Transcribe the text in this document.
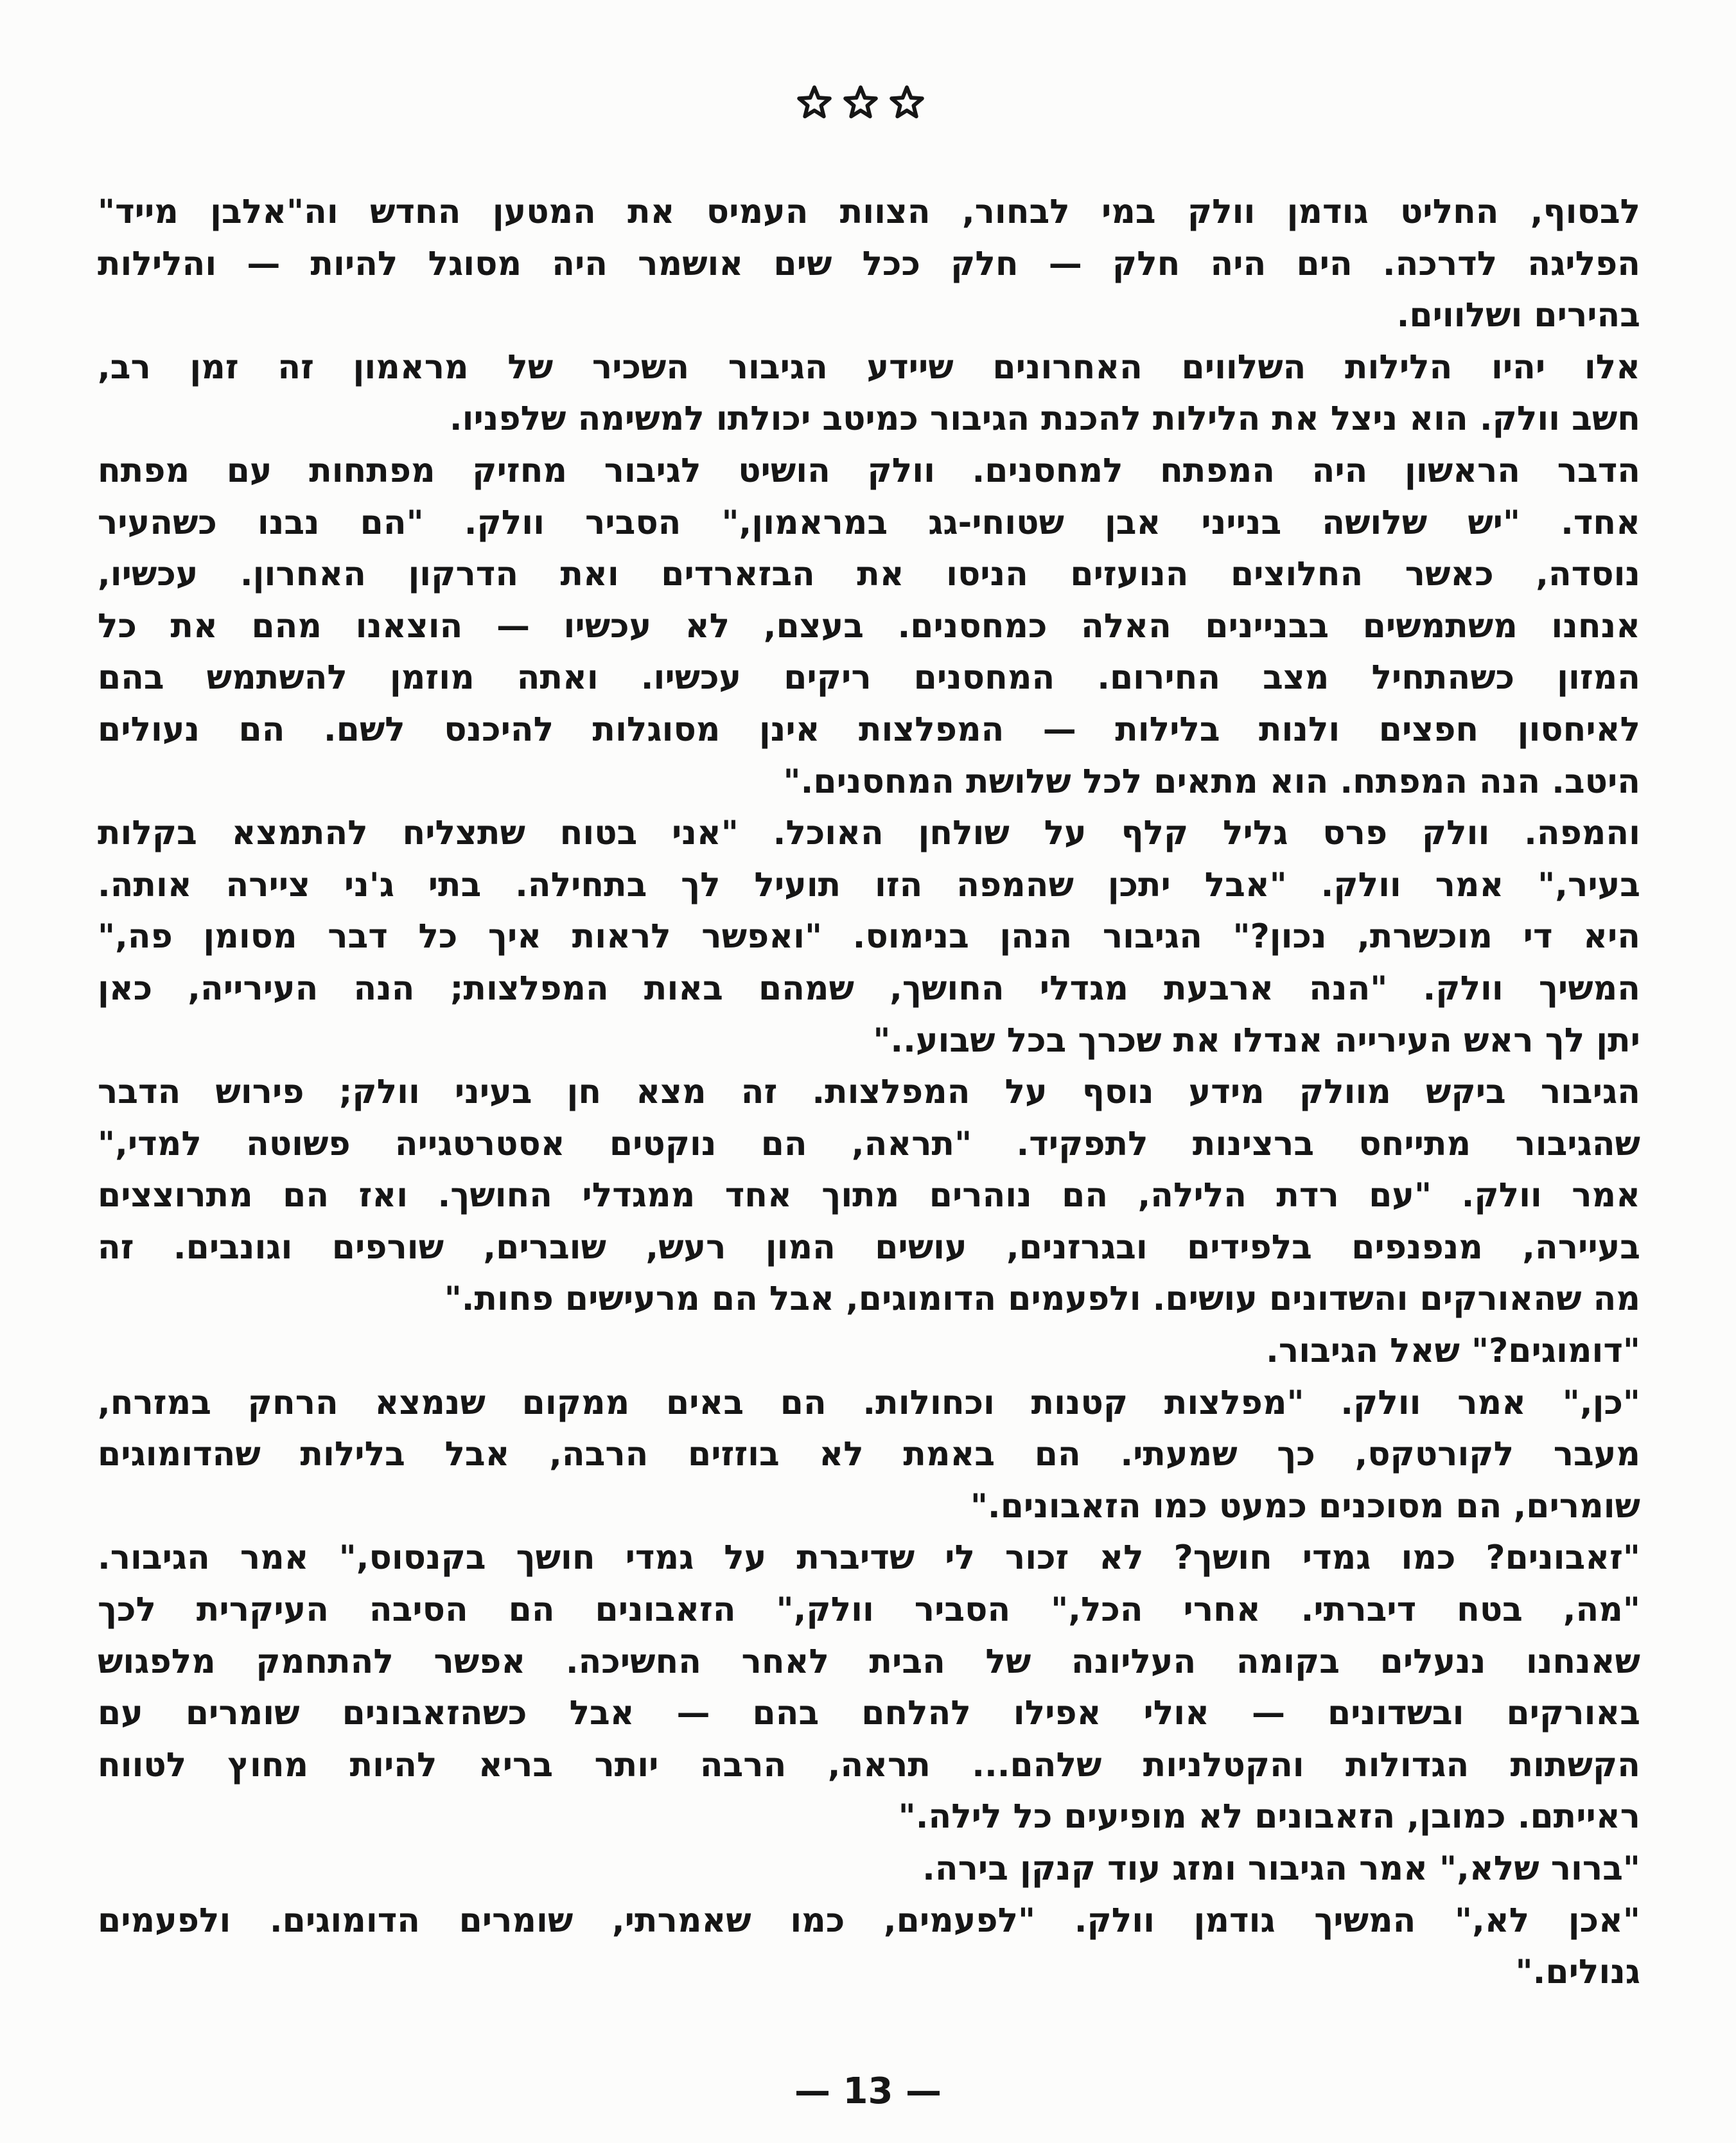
לבסוף, החליט גודמן וולק במי לבחור, הצוות העמיס את המטען החדש וה"אלבן מייד"
הפליגה לדרכה. הים היה חלק — חלק ככל שים אושמר היה מסוגל להיות — והלילות
בהירים ושלווים.
אלו יהיו הלילות השלווים האחרונים שיידע הגיבור השכיר של מראמון זה זמן רב,
חשב וולק. הוא ניצל את הלילות להכנת הגיבור כמיטב יכולתו למשימה שלפניו.
הדבר הראשון היה המפתח למחסנים. וולק הושיט לגיבור מחזיק מפתחות עם מפתח
אחד. "יש שלושה בנייני אבן שטוחי-גג במראמון," הסביר וולק. "הם נבנו כשהעיר
נוסדה, כאשר החלוצים הנועזים הניסו את הבזארדים ואת הדרקון האחרון. עכשיו,
אנחנו משתמשים בבניינים האלה כמחסנים. בעצם, לא עכשיו — הוצאנו מהם את כל
המזון כשהתחיל מצב החירום. המחסנים ריקים עכשיו. ואתה מוזמן להשתמש בהם
לאיחסון חפצים ולנות בלילות — המפלצות אינן מסוגלות להיכנס לשם. הם נעולים
היטב. הנה המפתח. הוא מתאים לכל שלושת המחסנים."
והמפה. וולק פרס גליל קלף על שולחן האוכל. "אני בטוח שתצליח להתמצא בקלות
בעיר," אמר וולק. "אבל יתכן שהמפה הזו תועיל לך בתחילה. בתי ג'ני ציירה אותה.
היא די מוכשרת, נכון?" הגיבור הנהן בנימוס. "ואפשר לראות איך כל דבר מסומן פה,"
המשיך וולק. "הנה ארבעת מגדלי החושך, שמהם באות המפלצות; הנה העירייה, כאן
יתן לך ראש העירייה אנדלו את שכרך בכל שבוע.."
הגיבור ביקש מוולק מידע נוסף על המפלצות. זה מצא חן בעיני וולק; פירוש הדבר
שהגיבור מתייחס ברצינות לתפקיד. "תראה, הם נוקטים אסטרטגייה פשוטה למדי,"
אמר וולק. "עם רדת הלילה, הם נוהרים מתוך אחד ממגדלי החושך. ואז הם מתרוצצים
בעיירה, מנפנפים בלפידים ובגרזנים, עושים המון רעש, שוברים, שורפים וגונבים. זה
מה שהאורקים והשדונים עושים. ולפעמים הדומוגים, אבל הם מרעישים פחות."
"דומוגים?" שאל הגיבור.
"כן," אמר וולק. "מפלצות קטנות וכחולות. הם באים ממקום שנמצא הרחק במזרח,
מעבר לקורטקס, כך שמעתי. הם באמת לא בוזזים הרבה, אבל בלילות שהדומוגים
שומרים, הם מסוכנים כמעט כמו הזאבונים."
"זאבונים? כמו גמדי חושך? לא זכור לי שדיברת על גמדי חושך בקנסוס," אמר הגיבור.
"מה, בטח דיברתי. אחרי הכל," הסביר וולק," הזאבונים הם הסיבה העיקרית לכך
שאנחנו ננעלים בקומה העליונה של הבית לאחר החשיכה. אפשר להתחמק מלפגוש
באורקים ובשדונים — אולי אפילו להלחם בהם — אבל כשהזאבונים שומרים עם
הקשתות הגדולות והקטלניות שלהם... תראה, הרבה יותר בריא להיות מחוץ לטווח
ראייתם. כמובן, הזאבונים לא מופיעים כל לילה."
"ברור שלא," אמר הגיבור ומזג עוד קנקן בירה.
"אכן לא," המשיך גודמן וולק. "לפעמים, כמו שאמרתי, שומרים הדומוגים. ולפעמים
גנולים."
— 13 —
